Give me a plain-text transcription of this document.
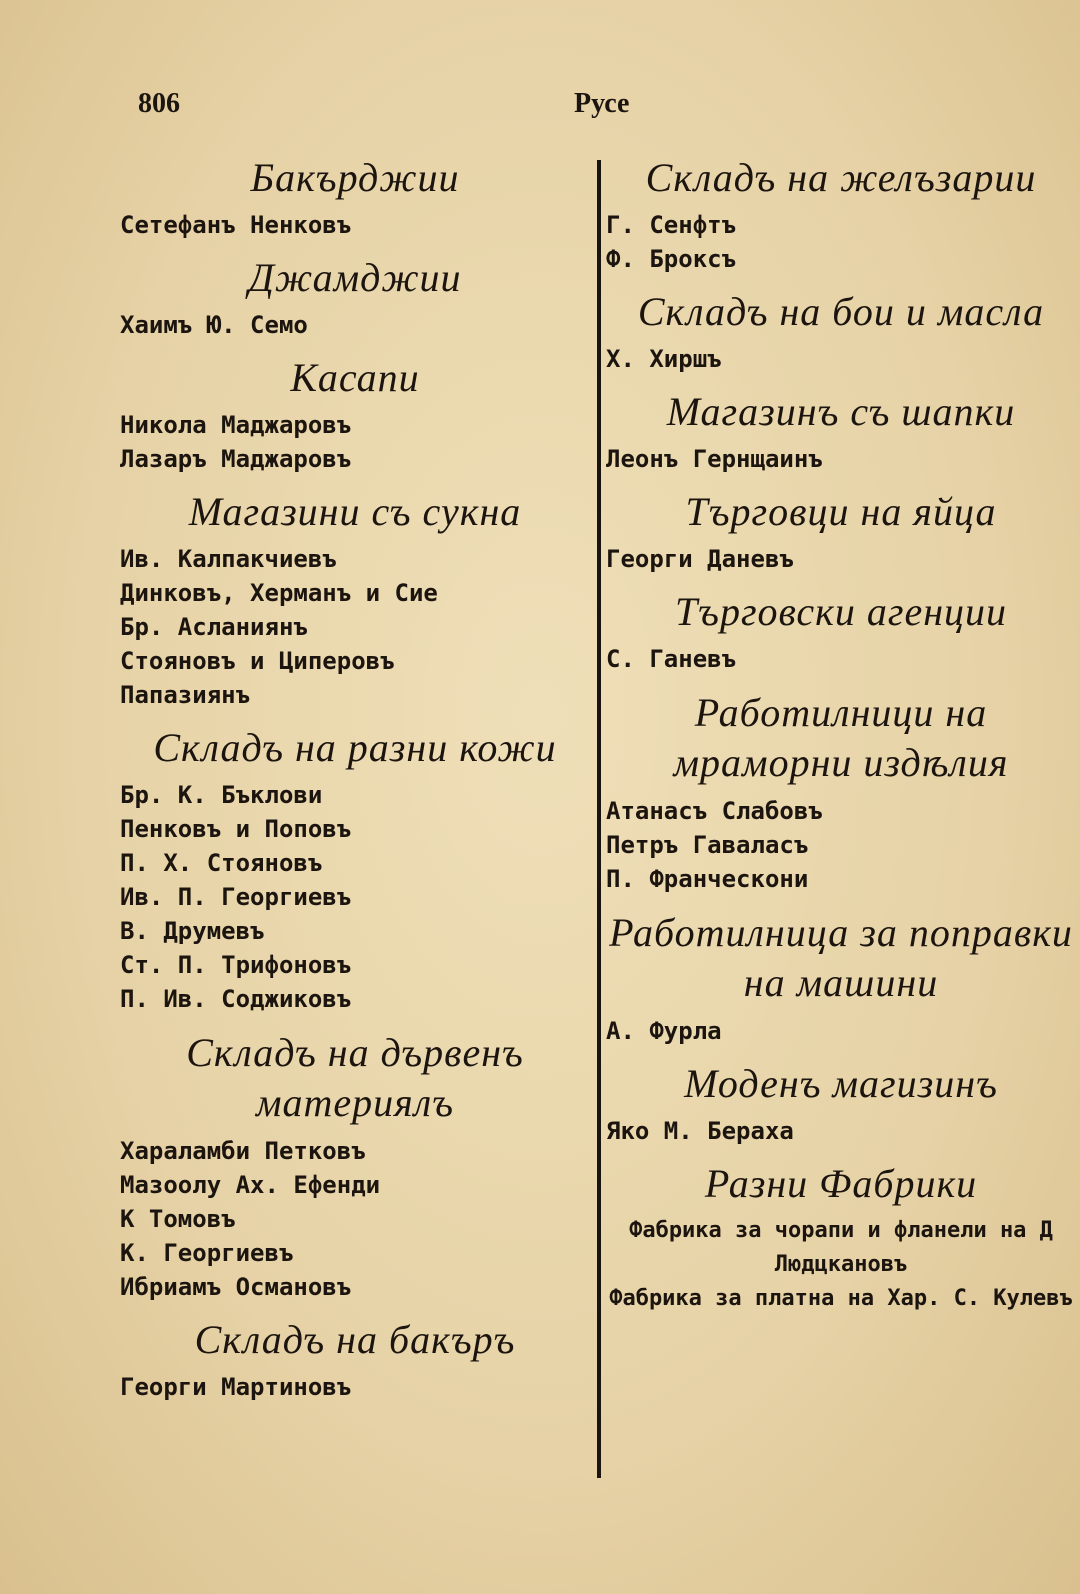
806	Русе

Бакърджии

Сетефанъ Ненковъ

Джамджии

Хаимъ Ю. Семо

Касапи

Никола Маджаровъ

Лазаръ Маджаровъ

Магазини съ сукна

Ив. Калпакчиевъ

Динковъ, Херманъ и Сие

Бр. Асланиянъ

Стояновъ и Циперовъ

Папазиянъ

Складъ на разни кожи

Бр. К. Бъклови

Пенковъ и Поповъ

П. Х. Стояновъ

Ив. П. Георгиевъ

В. Друмевъ

Ст. П. Трифоновъ

П. Ив. Соджиковъ

Складъ на дървенъ материялъ

Хараламби Петковъ

Мазоолу Ах. Ефенди

К Томовъ

К. Георгиевъ

Ибриамъ Османовъ

Складъ на бакъръ

Георги Мартиновъ

Складъ на желъзарии

Г. Сенфтъ

Ф. Броксъ

Складъ на бои и масла

Х. Хиршъ

Магазинъ съ шапки

Леонъ Гернщаинъ

Търговци на яйца

Георги Даневъ

Търговски агенции

С. Ганевъ

Работилници на мраморни издѣлия

Атанасъ Слабовъ

Петръ Гаваласъ

П. Франческони

Работилница за поправки на машини

А. Фурла

Моденъ магизинъ

Яко М. Бераха

Разни Фабрики

Фабрика за чорапи и фланели на Д Людцкановъ

Фабрика за платна на Хар. С. Кулевъ
